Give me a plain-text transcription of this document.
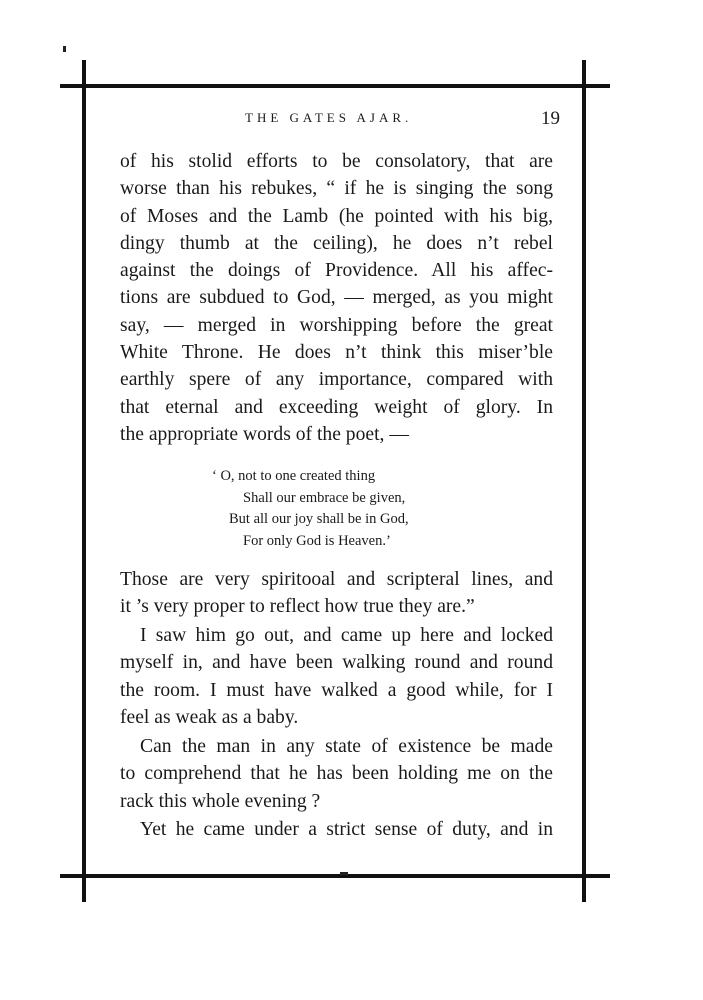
THE GATES AJAR.	19
of his stolid efforts to be consolatory, that are
worse than his rebukes, “ if he is singing the song
of Moses and the Lamb (he pointed with his big,
dingy thumb at the ceiling), he does n’t rebel
against the doings of Providence. All his affec-
tions are subdued to God, — merged, as you might
say, — merged in worshipping before the great
White Throne. He does n’t think this miser’ble
earthly spere of any importance, compared with
that eternal and exceeding weight of glory. In
the appropriate words of the poet, —
‘ O, not to one created thing
Shall our embrace be given,
But all our joy shall be in God,
For only God is Heaven.’
Those are very spiritooal and scripteral lines, and
it ’s very proper to reflect how true they are.”
I saw him go out, and came up here and locked
myself in, and have been walking round and round
the room. I must have walked a good while, for I
feel as weak as a baby.
Can the man in any state of existence be made
to comprehend that he has been holding me on the
rack this whole evening ?
Yet he came under a strict sense of duty, and in
